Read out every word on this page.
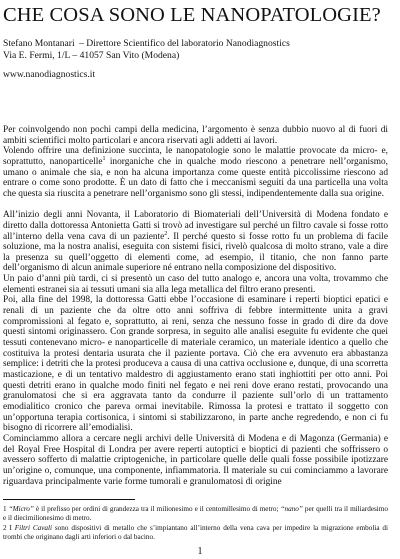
CHE COSA SONO LE NANOPATOLOGIE?
Stefano Montanari – Direttore Scientifico del laboratorio Nanodiagnostics
Via E. Fermi, 1/L – 41057 San Vito (Modena)
www.nanodiagnostics.it

Per coinvolgendo non pochi campi della medicina, l’argomento è senza dubbio nuovo al di fuori di ambiti scientifici molto particolari e ancora riservati agli addetti ai lavori.

Volendo offrire una definizione succinta, le nanopatologie sono le malattie provocate da micro- e, soprattutto, nanoparticelle$^1$ inorganiche che in qualche modo riescono a penetrare nell’organismo, umano o animale che sia, e non ha alcuna importanza come queste entità piccolissime riescono ad entrare o come sono prodotte. È un dato di fatto che i meccanismi seguiti da una particella una volta che questa sia riuscita a penetrare nell’organismo sono gli stessi, indipendentemente dalla sua origine.

All’inizio degli anni Novanta, il Laboratorio di Biomateriali dell’Università di Modena fondato e diretto dalla dottoressa Antonietta Gatti si trovò ad investigare sul perché un filtro cavale si fosse rotto all’interno della vena cava di un paziente$^2$. Il perché questo si fosse rotto fu un problema di facile soluzione, ma la nostra analisi, eseguita con sistemi fisici, rivelò qualcosa di molto strano, vale a dire la presenza su quell’oggetto di elementi come, ad esempio, il titanio, che non fanno parte dell’organismo di alcun animale superiore né entrano nella composizione del dispositivo.

Un paio d’anni più tardi, ci si presentò un caso del tutto analogo e, ancora una volta, trovammo che elementi estranei sia ai tessuti umani sia alla lega metallica del filtro erano presenti.

Poi, alla fine del 1998, la dottoressa Gatti ebbe l’occasione di esaminare i reperti bioptici epatici e renali di un paziente che da oltre otto anni soffriva di febbre intermittente unita a gravi compromissioni al fegato e, soprattutto, ai reni, senza che nessuno fosse in grado di dire da dove questi sintomi originassero. Con grande sorpresa, in seguito alle analisi eseguite fu evidente che quei tessuti contenevano micro- e nanoparticelle di materiale ceramico, un materiale identico a quello che costituiva la protesi dentaria usurata che il paziente portava. Ciò che era avvenuto era abbastanza semplice: i detriti che la protesi produceva a causa di una cattiva occlusione e, dunque, di una scorretta masticazione, e di un tentativo maldestro di aggiustamento erano stati inghiottiti per otto anni. Poi questi detriti erano in qualche modo finiti nel fegato e nei reni dove erano restati, provocando una granulomatosi che si era aggravata tanto da condurre il paziente sull’orlo di un trattamento emodialitico cronico che pareva ormai inevitabile. Rimossa la protesi e trattato il soggetto con un’opportuna terapia cortisonica, i sintomi si stabilizzarono, in parte anche regredendo, e non ci fu bisogno di ricorrere all’emodialisi.

Cominciammo allora a cercare negli archivi delle Università di Modena e di Magonza (Germania) e del Royal Free Hospital di Londra per avere reperti autoptici e bioptici di pazienti che soffrissero o avessero sofferto di malattie criptogeniche, in particolare quelle delle quali fosse possibile ipotizzare un’origine o, comunque, una componente, infiammatoria. Il materiale su cui cominciammo a lavorare riguardava principalmente varie forme tumorali e granulomatosi di origine

1 “Micro” è il prefisso per ordini di grandezza tra il milionesimo e il centomillesimo di metro; “nano” per quelli tra il miliardesimo e il diecimilionesimo di metro.

2 I Filtri Cavali sono dispositivi di metallo che s’impiantano all’interno della vena cava per impedire la migrazione embolia di trombi che originano dagli arti inferiori o dal bacino.

1
